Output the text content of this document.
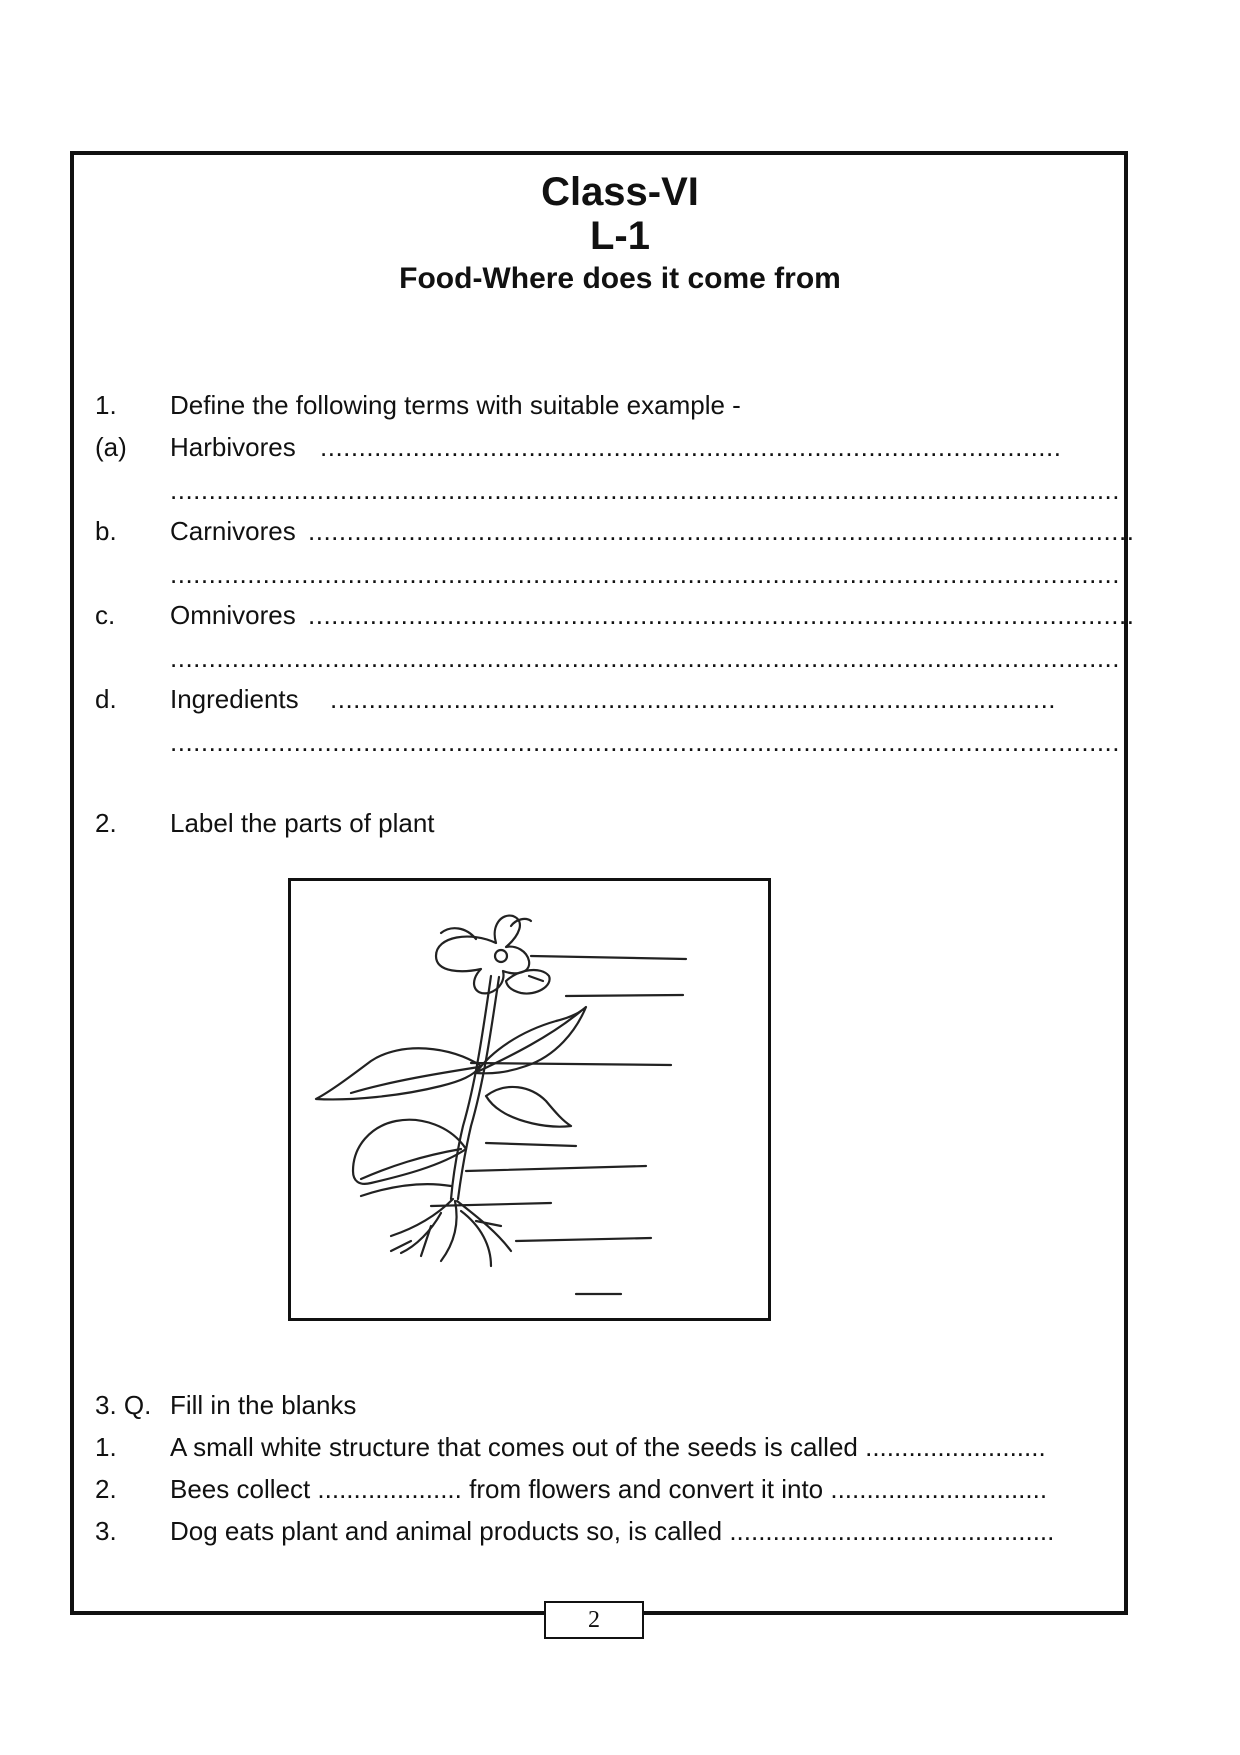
Class-VI
L-1
Food-Where does it come from
1. Define the following terms with suitable example -
(a) Harbivores ................................................................................................
...........................................................................................................................
b. Carnivores ...........................................................................................................
...........................................................................................................................
c. Omnivores ...........................................................................................................
...........................................................................................................................
d. Ingredients ..............................................................................................
...........................................................................................................................
2. Label the parts of plant
3. Q. Fill in the blanks
1. A small white structure that comes out of the seeds is called .........................
2. Bees collect .................... from flowers and convert it into ..............................
3. Dog eats plant and animal products so, is called .............................................
2
